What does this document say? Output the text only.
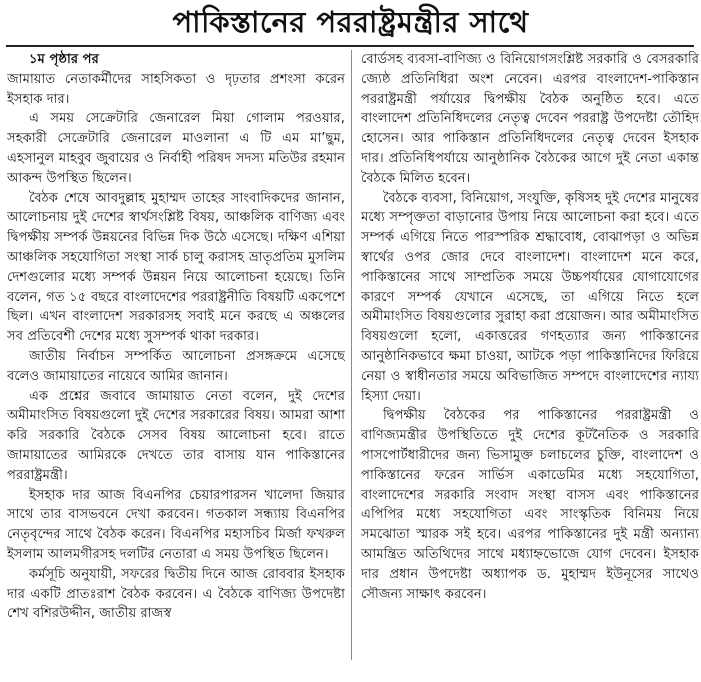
পাকিস্তানের পররাষ্ট্রমন্ত্রীর সাথে

১ম পৃষ্ঠার পর

জামায়াত নেতাকর্মীদের সাহসিকতা ও দৃঢ়তার প্রশংসা করেন ইসহাক দার।

এ সময় সেক্রেটারি জেনারেল মিয়া গোলাম পরওয়ার, সহকারী সেক্রেটারি জেনারেল মাওলানা এ টি এম মা’ছুম, এহসানুল মাহবুব জুবায়ের ও নির্বাহী পরিষদ সদস্য মতিউর রহমান আকন্দ উপস্থিত ছিলেন।

বৈঠক শেষে আবদুল্লাহ মুহাম্মদ তাহের সাংবাদিকদের জানান, আলোচনায় দুই দেশের স্বার্থসংশ্লিষ্ট বিষয়, আঞ্চলিক বাণিজ্য এবং দ্বিপক্ষীয় সম্পর্ক উন্নয়নের বিভিন্ন দিক উঠে এসেছে। দক্ষিণ এশিয়া আঞ্চলিক সহযোগিতা সংস্থা সার্ক চালু করাসহ ভ্রাতৃপ্রতিম মুসলিম দেশগুলোর মধ্যে সম্পর্ক উন্নয়ন নিয়ে আলোচনা হয়েছে। তিনি বলেন, গত ১৫ বছরে বাংলাদেশের পররাষ্ট্রনীতি বিষয়টি একপেশে ছিল। এখন বাংলাদেশ সরকারসহ সবাই মনে করছে এ অঞ্চলের সব প্রতিবেশী দেশের মধ্যে সুসম্পর্ক থাকা দরকার।

জাতীয় নির্বাচন সম্পর্কিত আলোচনা প্রসঙ্গক্রমে এসেছে বলেও জামায়াতের নায়েবে আমির জানান।

এক প্রশ্নের জবাবে জামায়াত নেতা বলেন, দুই দেশের অমীমাংসিত বিষয়গুলো দুই দেশের সরকারের বিষয়। আমরা আশা করি সরকারি বৈঠকে সেসব বিষয় আলোচনা হবে। রাতে জামায়াতের আমিরকে দেখতে তার বাসায় যান পাকিস্তানের পররাষ্ট্রমন্ত্রী।

ইসহাক দার আজ বিএনপির চেয়ারপারসন খালেদা জিয়ার সাথে তার বাসভবনে দেখা করবেন। গতকাল সন্ধ্যায় বিএনপির নেতৃবৃন্দের সাথে বৈঠক করেন। বিএনপির মহাসচিব মির্জা ফখরুল ইসলাম আলমগীরসহ দলটির নেতারা এ সময় উপস্থিত ছিলেন।

কর্মসূচি অনুযায়ী, সফরের দ্বিতীয় দিনে আজ রোববার ইসহাক দার একটি প্রাতঃরাশ বৈঠক করবেন। এ বৈঠকে বাণিজ্য উপদেষ্টা শেখ বশিরউদ্দীন, জাতীয় রাজস্ব

বোর্ডসহ ব্যবসা-বাণিজ্য ও বিনিয়োগসংশ্লিষ্ট সরকারি ও বেসরকারি জ্যেষ্ঠ প্রতিনিধিরা অংশ নেবেন। এরপর বাংলাদেশ-পাকিস্তান পররাষ্ট্রমন্ত্রী পর্যায়ের দ্বিপক্ষীয় বৈঠক অনুষ্ঠিত হবে। এতে বাংলাদেশ প্রতিনিধিদলের নেতৃত্ব দেবেন পররাষ্ট্র উপদেষ্টা তৌহিদ হোসেন। আর পাকিস্তান প্রতিনিধিদলের নেতৃত্ব দেবেন ইসহাক দার। প্রতিনিধিপর্যায়ে আনুষ্ঠানিক বৈঠকের আগে দুই নেতা একান্ত বৈঠকে মিলিত হবেন।

বৈঠকে ব্যবসা, বিনিয়োগ, সংযুক্তি, কৃষিসহ দুই দেশের মানুষের মধ্যে সম্পৃক্ততা বাড়ানোর উপায় নিয়ে আলোচনা করা হবে। এতে সম্পর্ক এগিয়ে নিতে পারস্পরিক শ্রদ্ধাবোধ, বোঝাপড়া ও অভিন্ন স্বার্থের ওপর জোর দেবে বাংলাদেশ। বাংলাদেশ মনে করে, পাকিস্তানের সাথে সাম্প্রতিক সময়ে উচ্চপর্যায়ের যোগাযোগের কারণে সম্পর্ক যেখানে এসেছে, তা এগিয়ে নিতে হলে অমীমাংসিত বিষয়গুলোর সুরাহা করা প্রয়োজন। আর অমীমাংসিত বিষয়গুলো হলো, একাত্তরের গণহত্যার জন্য পাকিস্তানের আনুষ্ঠানিকভাবে ক্ষমা চাওয়া, আটকে পড়া পাকিস্তানিদের ফিরিয়ে নেয়া ও স্বাধীনতার সময়ে অবিভাজিত সম্পদে বাংলাদেশের ন্যায্য হিস্যা দেয়া।

দ্বিপক্ষীয় বৈঠকের পর পাকিস্তানের পররাষ্ট্রমন্ত্রী ও বাণিজ্যমন্ত্রীর উপস্থিতিতে দুই দেশের কূটনৈতিক ও সরকারি পাসপোর্টধারীদের জন্য ভিসামুক্ত চলাচলের চুক্তি, বাংলাদেশ ও পাকিস্তানের ফরেন সার্ভিস একাডেমির মধ্যে সহযোগিতা, বাংলাদেশের সরকারি সংবাদ সংস্থা বাসস এবং পাকিস্তানের এপিপির মধ্যে সহযোগিতা এবং সাংস্কৃতিক বিনিময় নিয়ে সমঝোতা স্মারক সই হবে। এরপর পাকিস্তানের দুই মন্ত্রী অন্যান্য আমন্ত্রিত অতিথিদের সাথে মধ্যাহ্নভোজে যোগ দেবেন। ইসহাক দার প্রধান উপদেষ্টা অধ্যাপক ড. মুহাম্মদ ইউনূসের সাথেও সৌজন্য সাক্ষাৎ করবেন।
